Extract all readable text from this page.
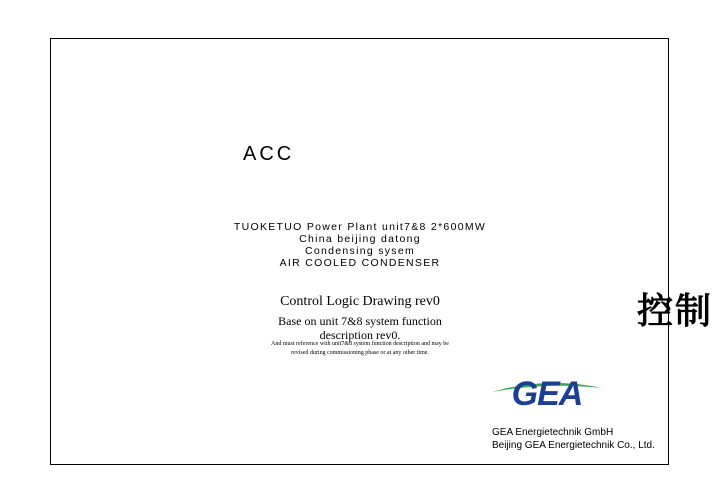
ACC
TUOKETUO Power Plant unit7&8 2*600MW
China beijing datong
Condensing sysem
AIR COOLED CONDENSER
Control Logic Drawing rev0
Base on unit 7&8 system function
description rev0.
And must reference with unit7&8 system function description and may be
revised during commissioning phase or at any other time.
控制
GEA
GEA Energietechnik GmbH
Beijing GEA Energietechnik Co., Ltd.
